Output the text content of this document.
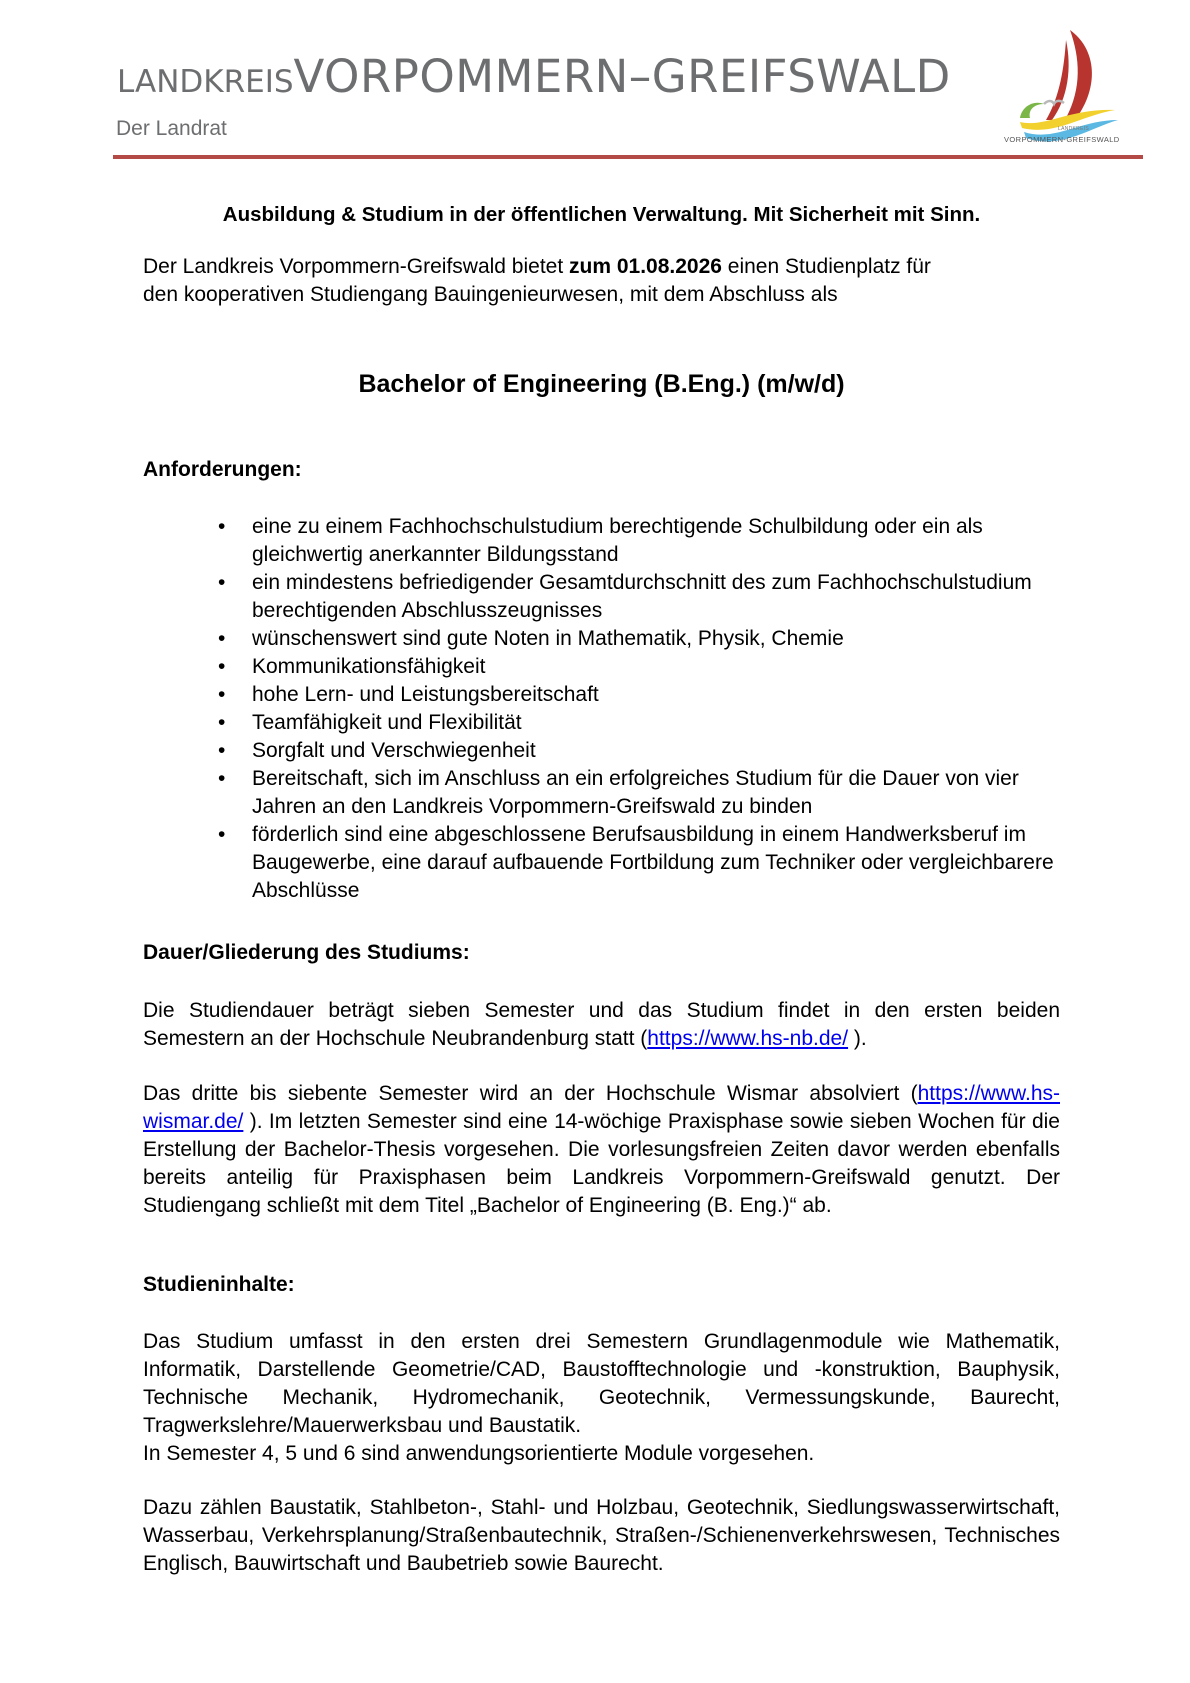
LANDKREISVORPOMMERN–GREIFSWALD
Der Landrat	LANDKREIS
VORPOMMERN-GREIFSWALD
Ausbildung & Studium in der öffentlichen Verwaltung. Mit Sicherheit mit Sinn.
Der Landkreis Vorpommern-Greifswald bietet zum 01.08.2026 einen Studienplatz für
den kooperativen Studiengang Bauingenieurwesen, mit dem Abschluss als
Bachelor of Engineering (B.Eng.) (m/w/d)
Anforderungen:
• eine zu einem Fachhochschulstudium berechtigende Schulbildung oder ein als gleichwertig anerkannter Bildungsstand
• ein mindestens befriedigender Gesamtdurchschnitt des zum Fachhochschulstudium berechtigenden Abschlusszeugnisses
• wünschenswert sind gute Noten in Mathematik, Physik, Chemie
• Kommunikationsfähigkeit
• hohe Lern- und Leistungsbereitschaft
• Teamfähigkeit und Flexibilität
• Sorgfalt und Verschwiegenheit
• Bereitschaft, sich im Anschluss an ein erfolgreiches Studium für die Dauer von vier Jahren an den Landkreis Vorpommern-Greifswald zu binden
• förderlich sind eine abgeschlossene Berufsausbildung in einem Handwerksberuf im Baugewerbe, eine darauf aufbauende Fortbildung zum Techniker oder vergleichbarere Abschlüsse
Dauer/Gliederung des Studiums:
Die Studiendauer beträgt sieben Semester und das Studium findet in den ersten beiden Semestern an der Hochschule Neubrandenburg statt (https://www.hs-nb.de/ ).
Das dritte bis siebente Semester wird an der Hochschule Wismar absolviert (https://www.hs-wismar.de/ ). Im letzten Semester sind eine 14-wöchige Praxisphase sowie sieben Wochen für die Erstellung der Bachelor-Thesis vorgesehen. Die vorlesungsfreien Zeiten davor werden ebenfalls bereits anteilig für Praxisphasen beim Landkreis Vorpommern-Greifswald genutzt. Der Studiengang schließt mit dem Titel „Bachelor of Engineering (B. Eng.)“ ab.
Studieninhalte:
Das Studium umfasst in den ersten drei Semestern Grundlagenmodule wie Mathematik, Informatik, Darstellende Geometrie/CAD, Baustofftechnologie und -konstruktion, Bauphysik, Technische Mechanik, Hydromechanik, Geotechnik, Vermessungskunde, Baurecht, Tragwerkslehre/Mauerwerksbau und Baustatik.
In Semester 4, 5 und 6 sind anwendungsorientierte Module vorgesehen.
Dazu zählen Baustatik, Stahlbeton-, Stahl- und Holzbau, Geotechnik, Siedlungswasserwirtschaft, Wasserbau, Verkehrsplanung/Straßenbautechnik, Straßen-/Schienenverkehrswesen, Technisches Englisch, Bauwirtschaft und Baubetrieb sowie Baurecht.
